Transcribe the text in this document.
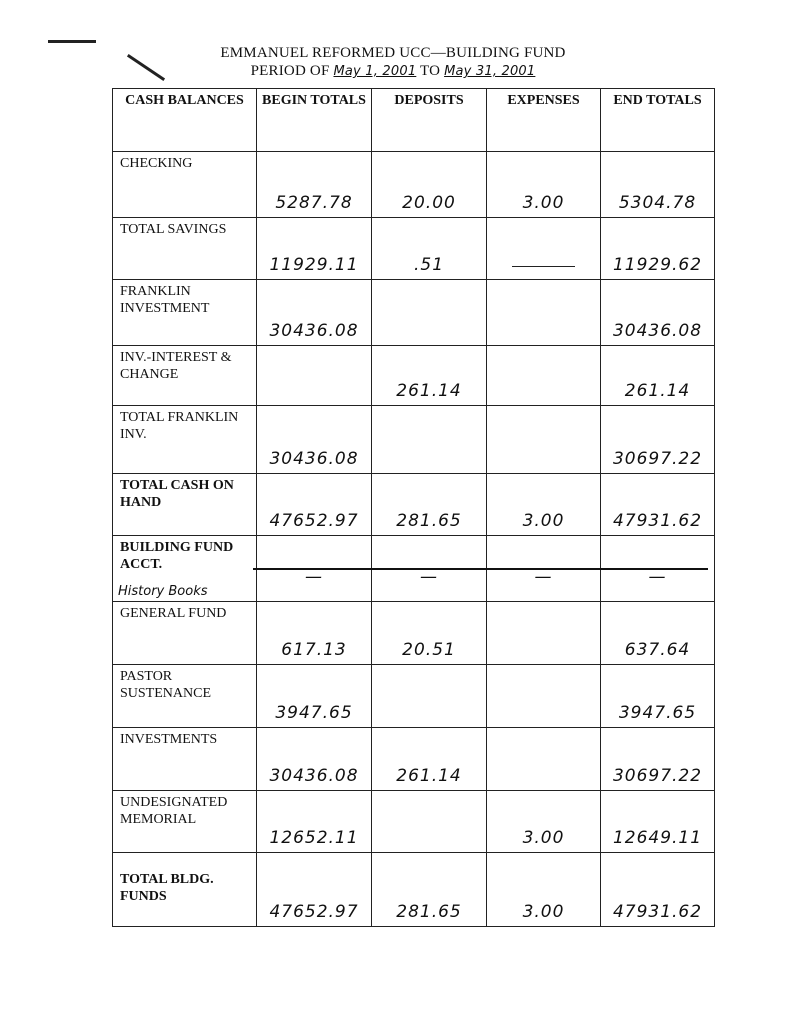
EMMANUEL REFORMED UCC—BUILDING FUND
PERIOD OF May 1, 2001 TO May 31, 2001
CASH BALANCES	BEGIN TOTALS	DEPOSITS	EXPENSES	END TOTALS
CHECKING	5287.78	20.00	3.00	5304.78

TOTAL SAVINGS	11929.11	.51		11929.62

FRANKLIN INVESTMENT	30436.08			30436.08

INV.-INTEREST & CHANGE		261.14		261.14

TOTAL FRANKLIN INV.	30436.08			30697.22

TOTAL CASH ON HAND	47652.97	281.65	3.00	47931.62

BUILDING FUND ACCT.	—	—	—	—

GENERAL FUND	617.13	20.51		637.64

PASTOR SUSTENANCE	3947.65			3947.65

INVESTMENTS	30436.08	261.14		30697.22

UNDESIGNATED MEMORIAL	12652.11		3.00	12649.11

TOTAL BLDG. FUNDS	47652.97	281.65	3.00	47931.62
History Books
